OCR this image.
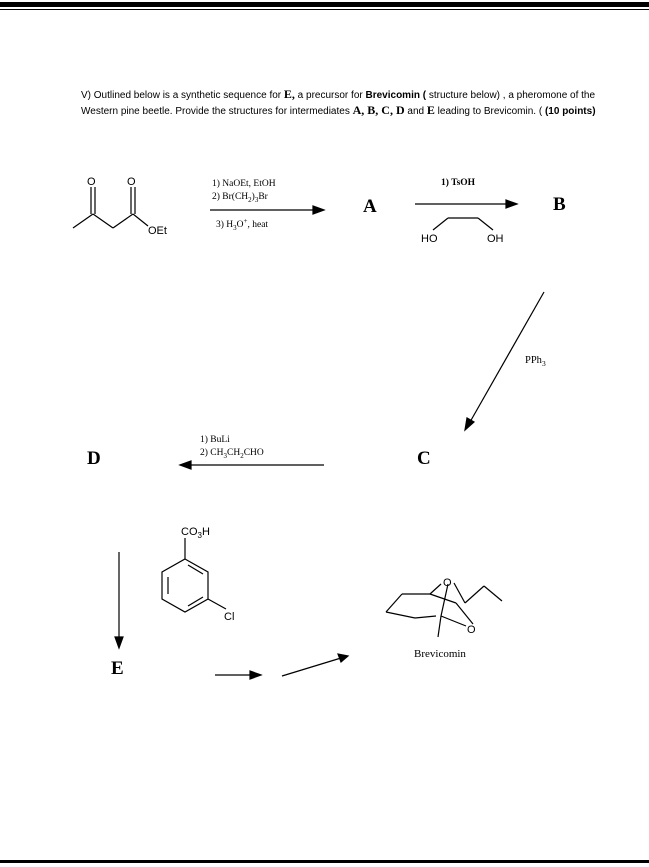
V) Outlined below is a synthetic sequence for E, a precursor for Brevicomin ( structure below) , a pheromone of the Western pine beetle. Provide the structures for intermediates A, B, C, D and E leading to Brevicomin. ( (10 points)
O	O
OEt
HO	OH
$CO_3H$
Cl
O
O
1) NaOEt, EtOH
2) $Br(CH_2)_3Br$
3) $H_3O^+$, heat
1) TsOH
PPh$_3$
1) BuLi
2) $CH_3CH_2CHO$
A	B
C
D
E
Brevicomin
